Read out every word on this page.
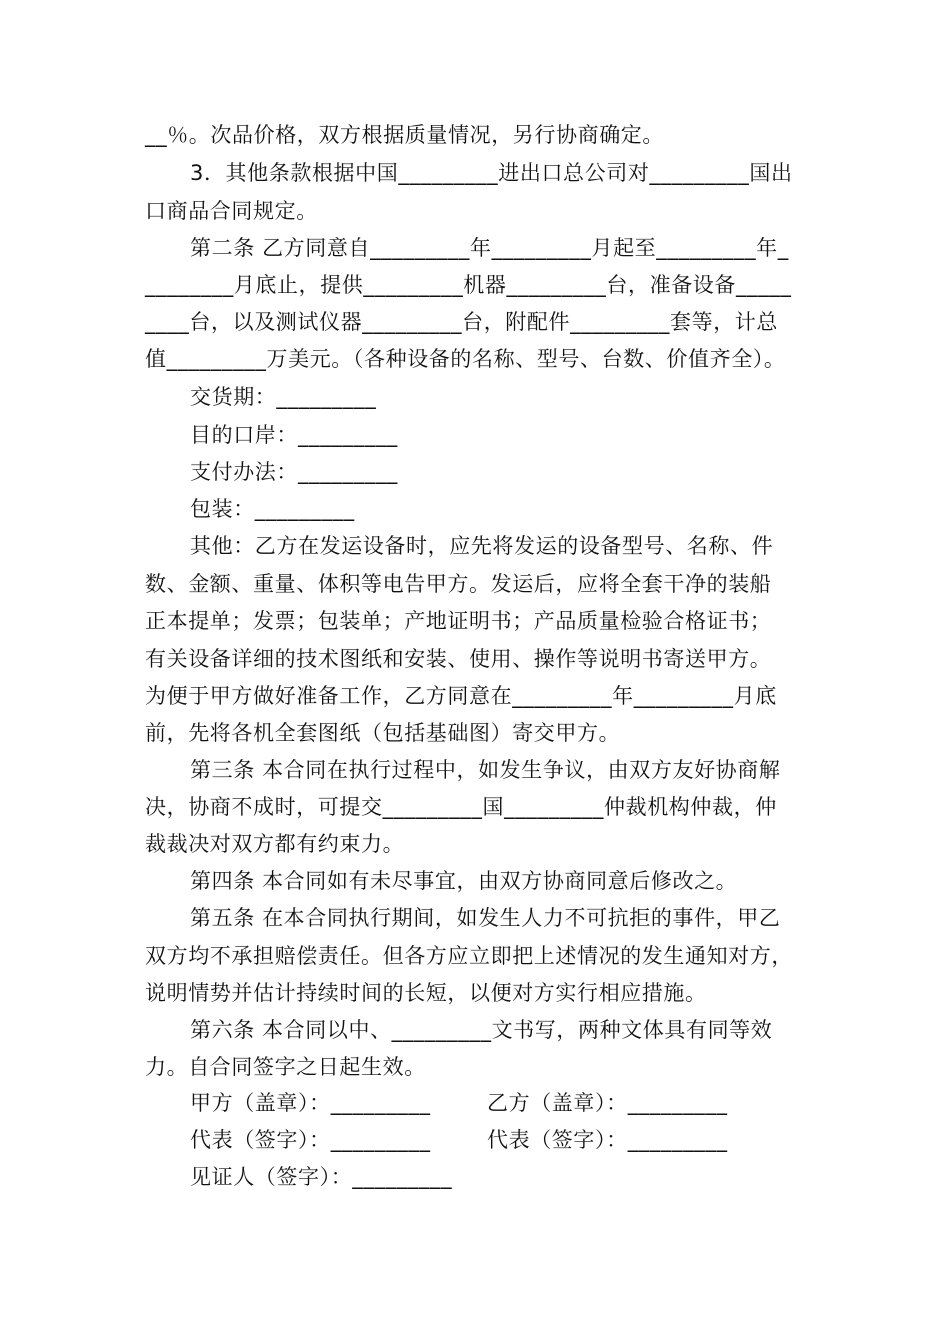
__％。次品价格，双方根据质量情况，另行协商确定。
3．其他条款根据中国_________进出口总公司对_________国出
口商品合同规定。
第二条 乙方同意自_________年_________月起至_________年_
________月底止，提供_________机器_________台，准备设备_____
____台，以及测试仪器_________台，附配件_________套等，计总
值_________万美元。（各种设备的名称、型号、台数、价值齐全）。
交货期：_________
目的口岸：_________
支付办法：_________
包装：_________
其他：乙方在发运设备时，应先将发运的设备型号、名称、件
数、金额、重量、体积等电告甲方。发运后，应将全套干净的装船
正本提单；发票；包装单；产地证明书；产品质量检验合格证书；
有关设备详细的技术图纸和安装、使用、操作等说明书寄送甲方。
为便于甲方做好准备工作，乙方同意在_________年_________月底
前，先将各机全套图纸（包括基础图）寄交甲方。
第三条 本合同在执行过程中，如发生争议，由双方友好协商解
决，协商不成时，可提交_________国_________仲裁机构仲裁，仲
裁裁决对双方都有约束力。
第四条 本合同如有未尽事宜，由双方协商同意后修改之。
第五条 在本合同执行期间，如发生人力不可抗拒的事件，甲乙
双方均不承担赔偿责任。但各方应立即把上述情况的发生通知对方，
说明情势并估计持续时间的长短，以便对方实行相应措施。
第六条 本合同以中、_________文书写，两种文体具有同等效
力。自合同签字之日起生效。
甲方（盖章）：_________	乙方（盖章）：_________
代表（签字）：_________	代表（签字）：_________
见证人（签字）：_________
